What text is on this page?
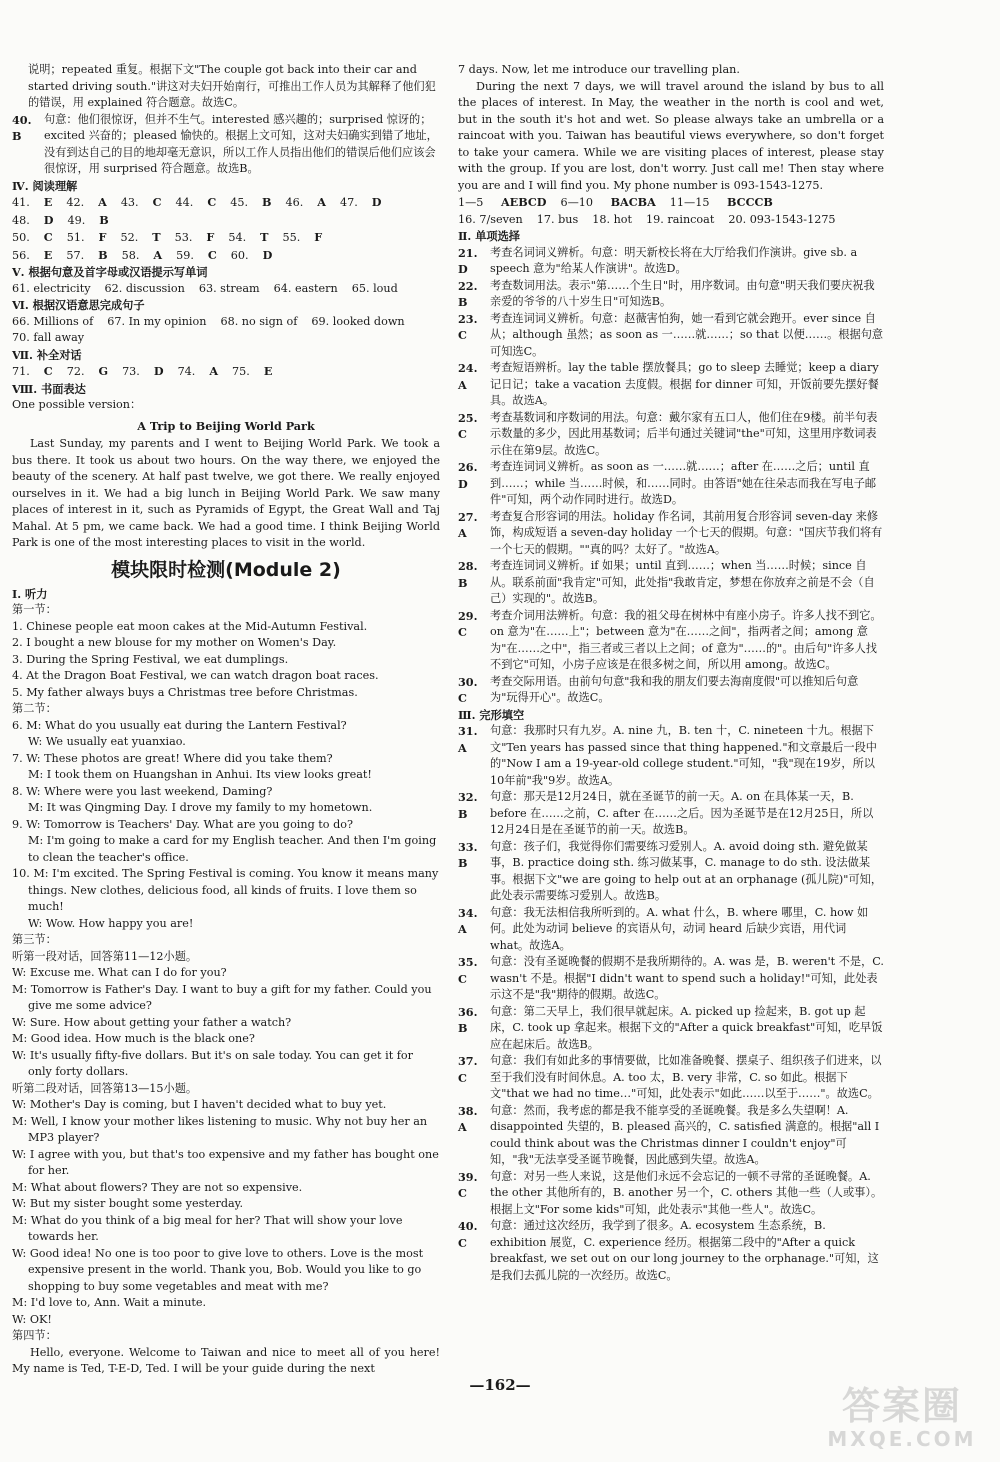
说明；repeated 重复。根据下文"The couple got back into their car and started driving south."讲这对夫妇开始南行，可推出工作人员为其解释了他们犯的错误，用 explained 符合题意。故选C。

40. B
句意：他们很惊讶，但并不生气。interested 感兴趣的；surprised 惊讶的；excited 兴奋的；pleased 愉快的。根据上文可知，这对夫妇确实到错了地址，没有到达自己的目的地却毫无意识，所以工作人员指出他们的错误后他们应该会很惊讶，用 surprised 符合题意。故选B。

Ⅳ. 阅读理解

41. E 42. A 43. C 44. C 45. B 46. A 47. D
48. D 49. B
50. C 51. F 52. T 53. F 54. T 55. F
56. E 57. B 58. A 59. C 60. D

Ⅴ. 根据句意及首字母或汉语提示写单词

61. electricity 62. discussion 63. stream 64. eastern 65. loud

Ⅵ. 根据汉语意思完成句子

66. Millions of 67. In my opinion 68. no sign of 69. looked down

70. fall away

Ⅶ. 补全对话

71. C 72. G 73. D 74. A 75. E

Ⅷ. 书面表达

One possible version：

A Trip to Beijing World Park

Last Sunday, my parents and I went to Beijing World Park. We took a bus there. It took us about two hours. On the way there, we enjoyed the beauty of the scenery. At half past twelve, we got there. We really enjoyed ourselves in it. We had a big lunch in Beijing World Park. We saw many places of interest in it, such as Pyramids of Egypt, the Great Wall and Taj Mahal. At 5 pm, we came back. We had a good time. I think Beijing World Park is one of the most interesting places to visit in the world.

模块限时检测(Module 2)

Ⅰ. 听力

第一节：

1. Chinese people eat moon cakes at the Mid-Autumn Festival.

2. I bought a new blouse for my mother on Women's Day.

3. During the Spring Festival, we eat dumplings.

4. At the Dragon Boat Festival, we can watch dragon boat races.

5. My father always buys a Christmas tree before Christmas.

第二节：

6. M: What do you usually eat during the Lantern Festival?

W: We usually eat yuanxiao.

7. W: These photos are great! Where did you take them?

M: I took them on Huangshan in Anhui. Its view looks great!

8. W: Where were you last weekend, Daming?

M: It was Qingming Day. I drove my family to my hometown.

9. W: Tomorrow is Teachers' Day. What are you going to do?

M: I'm going to make a card for my English teacher. And then I'm going to clean the teacher's office.

10. M: I'm excited. The Spring Festival is coming. You know it means many things. New clothes, delicious food, all kinds of fruits. I love them so much!

W: Wow. How happy you are!

第三节：

听第一段对话，回答第11—12小题。

W: Excuse me. What can I do for you?

M: Tomorrow is Father's Day. I want to buy a gift for my father. Could you give me some advice?

W: Sure. How about getting your father a watch?

M: Good idea. How much is the black one?

W: It's usually fifty-five dollars. But it's on sale today. You can get it for only forty dollars.

听第二段对话，回答第13—15小题。

W: Mother's Day is coming, but I haven't decided what to buy yet.

M: Well, I know your mother likes listening to music. Why not buy her an MP3 player?

W: I agree with you, but that's too expensive and my father has bought one for her.

M: What about flowers? They are not so expensive.

W: But my sister bought some yesterday.

M: What do you think of a big meal for her? That will show your love towards her.

W: Good idea! No one is too poor to give love to others. Love is the most expensive present in the world. Thank you, Bob. Would you like to go shopping to buy some vegetables and meat with me?

M: I'd love to, Ann. Wait a minute.

W: OK!

第四节：

Hello, everyone. Welcome to Taiwan and nice to meet all of you here! My name is Ted, T-E-D, Ted. I will be your guide during the next

7 days. Now, let me introduce our travelling plan.

During the next 7 days, we will travel around the island by bus to all the places of interest. In May, the weather in the north is cool and wet, but in the south it's hot and wet. So please always take an umbrella or a raincoat with you. Taiwan has beautiful views everywhere, so don't forget to take your camera. While we are visiting places of interest, please stay with the group. If you are lost, don't worry. Just call me! Then stay where you are and I will find you. My phone number is 093-1543-1275.

1—5 AEBCD 6—10 BACBA 11—15 BCCCB
16. 7/seven 17. bus 18. hot 19. raincoat 20. 093-1543-1275

Ⅱ. 单项选择

21. D
考查名词词义辨析。句意：明天新校长将在大厅给我们作演讲。give sb. a speech 意为"给某人作演讲"。故选D。
22. B
考查数词用法。表示"第……个生日"时，用序数词。由句意"明天我们要庆祝我亲爱的爷爷的八十岁生日"可知选B。
23. C
考查连词词义辨析。句意：赵薇害怕狗，她一看到它就会跑开。ever since 自从；although 虽然；as soon as 一……就……；so that 以便……。根据句意可知选C。
24. A
考查短语辨析。lay the table 摆放餐具；go to sleep 去睡觉；keep a diary 记日记；take a vacation 去度假。根据 for dinner 可知，开饭前要先摆好餐具。故选A。
25. C
考查基数词和序数词的用法。句意：戴尔家有五口人，他们住在9楼。前半句表示数量的多少，因此用基数词；后半句通过关键词"the"可知，这里用序数词表示住在第9层。故选C。
26. D
考查连词词义辨析。as soon as 一……就……；after 在……之后；until 直到……；while 当……时候，和……同时。由答语"她在往朵志而我在写电子邮件"可知，两个动作同时进行。故选D。
27. A
考查复合形容词的用法。holiday 作名词，其前用复合形容词 seven-day 来修饰，构成短语 a seven-day holiday 一个七天的假期。句意："国庆节我们将有一个七天的假期。""真的吗？太好了。"故选A。
28. B
考查连词词义辨析。if 如果；until 直到……；when 当……时候；since 自从。联系前面"我肯定"可知，此处指"我敢肯定，梦想在你放弃之前是不会（自己）实现的"。故选B。
29. C
考查介词用法辨析。句意：我的祖父母在树林中有座小房子。许多人找不到它。on 意为"在……上"；between 意为"在……之间"，指两者之间；among 意为"在……之中"，指三者或三者以上之间；of 意为"……的"。由后句"许多人找不到它"可知，小房子应该是在很多树之间，所以用 among。故选C。
30. C
考查交际用语。由前句句意"我和我的朋友们要去海南度假"可以推知后句意为"玩得开心"。故选C。

Ⅲ. 完形填空

31. A
句意：我那时只有九岁。A. nine 九，B. ten 十，C. nineteen 十九。根据下文"Ten years has passed since that thing happened."和文章最后一段中的"Now I am a 19-year-old college student."可知，"我"现在19岁，所以10年前"我"9岁。故选A。
32. B
句意：那天是12月24日，就在圣诞节的前一天。A. on 在具体某一天，B. before 在……之前，C. after 在……之后。因为圣诞节是在12月25日，所以12月24日是在圣诞节的前一天。故选B。
33. B
句意：孩子们，我觉得你们需要练习爱别人。A. avoid doing sth. 避免做某事，B. practice doing sth. 练习做某事，C. manage to do sth. 设法做某事。根据下文"we are going to help out at an orphanage (孤儿院)"可知，此处表示需要练习爱别人。故选B。
34. A
句意：我无法相信我所听到的。A. what 什么，B. where 哪里，C. how 如何。此处为动词 believe 的宾语从句，动词 heard 后缺少宾语，用代词 what。故选A。
35. C
句意：没有圣诞晚餐的假期不是我所期待的。A. was 是，B. weren't 不是，C. wasn't 不是。根据"I didn't want to spend such a holiday!"可知，此处表示这不是"我"期待的假期。故选C。
36. B
句意：第二天早上，我们很早就起床。A. picked up 捡起来，B. got up 起床，C. took up 拿起来。根据下文的"After a quick breakfast"可知，吃早饭应在起床后。故选B。
37. C
句意：我们有如此多的事情要做，比如准备晚餐、摆桌子、组织孩子们进来，以至于我们没有时间休息。A. too 太，B. very 非常，C. so 如此。根据下文"that we had no time…"可知，此处表示"如此……以至于……"。故选C。
38. A
句意：然而，我考虑的都是我不能享受的圣诞晚餐。我是多么失望啊！A. disappointed 失望的，B. pleased 高兴的，C. satisfied 满意的。根据"all I could think about was the Christmas dinner I couldn't enjoy"可知，"我"无法享受圣诞节晚餐，因此感到失望。故选A。
39. C
句意：对另一些人来说，这是他们永远不会忘记的一顿不寻常的圣诞晚餐。A. the other 其他所有的，B. another 另一个，C. others 其他一些（人或事）。根据上文"For some kids"可知，此处表示"其他一些人"。故选C。
40. C
句意：通过这次经历，我学到了很多。A. ecosystem 生态系统，B. exhibition 展览，C. experience 经历。根据第二段中的"After a quick breakfast, we set out on our long journey to the orphanage."可知，这是我们去孤儿院的一次经历。故选C。
—162—	答案圈
MXQE.COM
